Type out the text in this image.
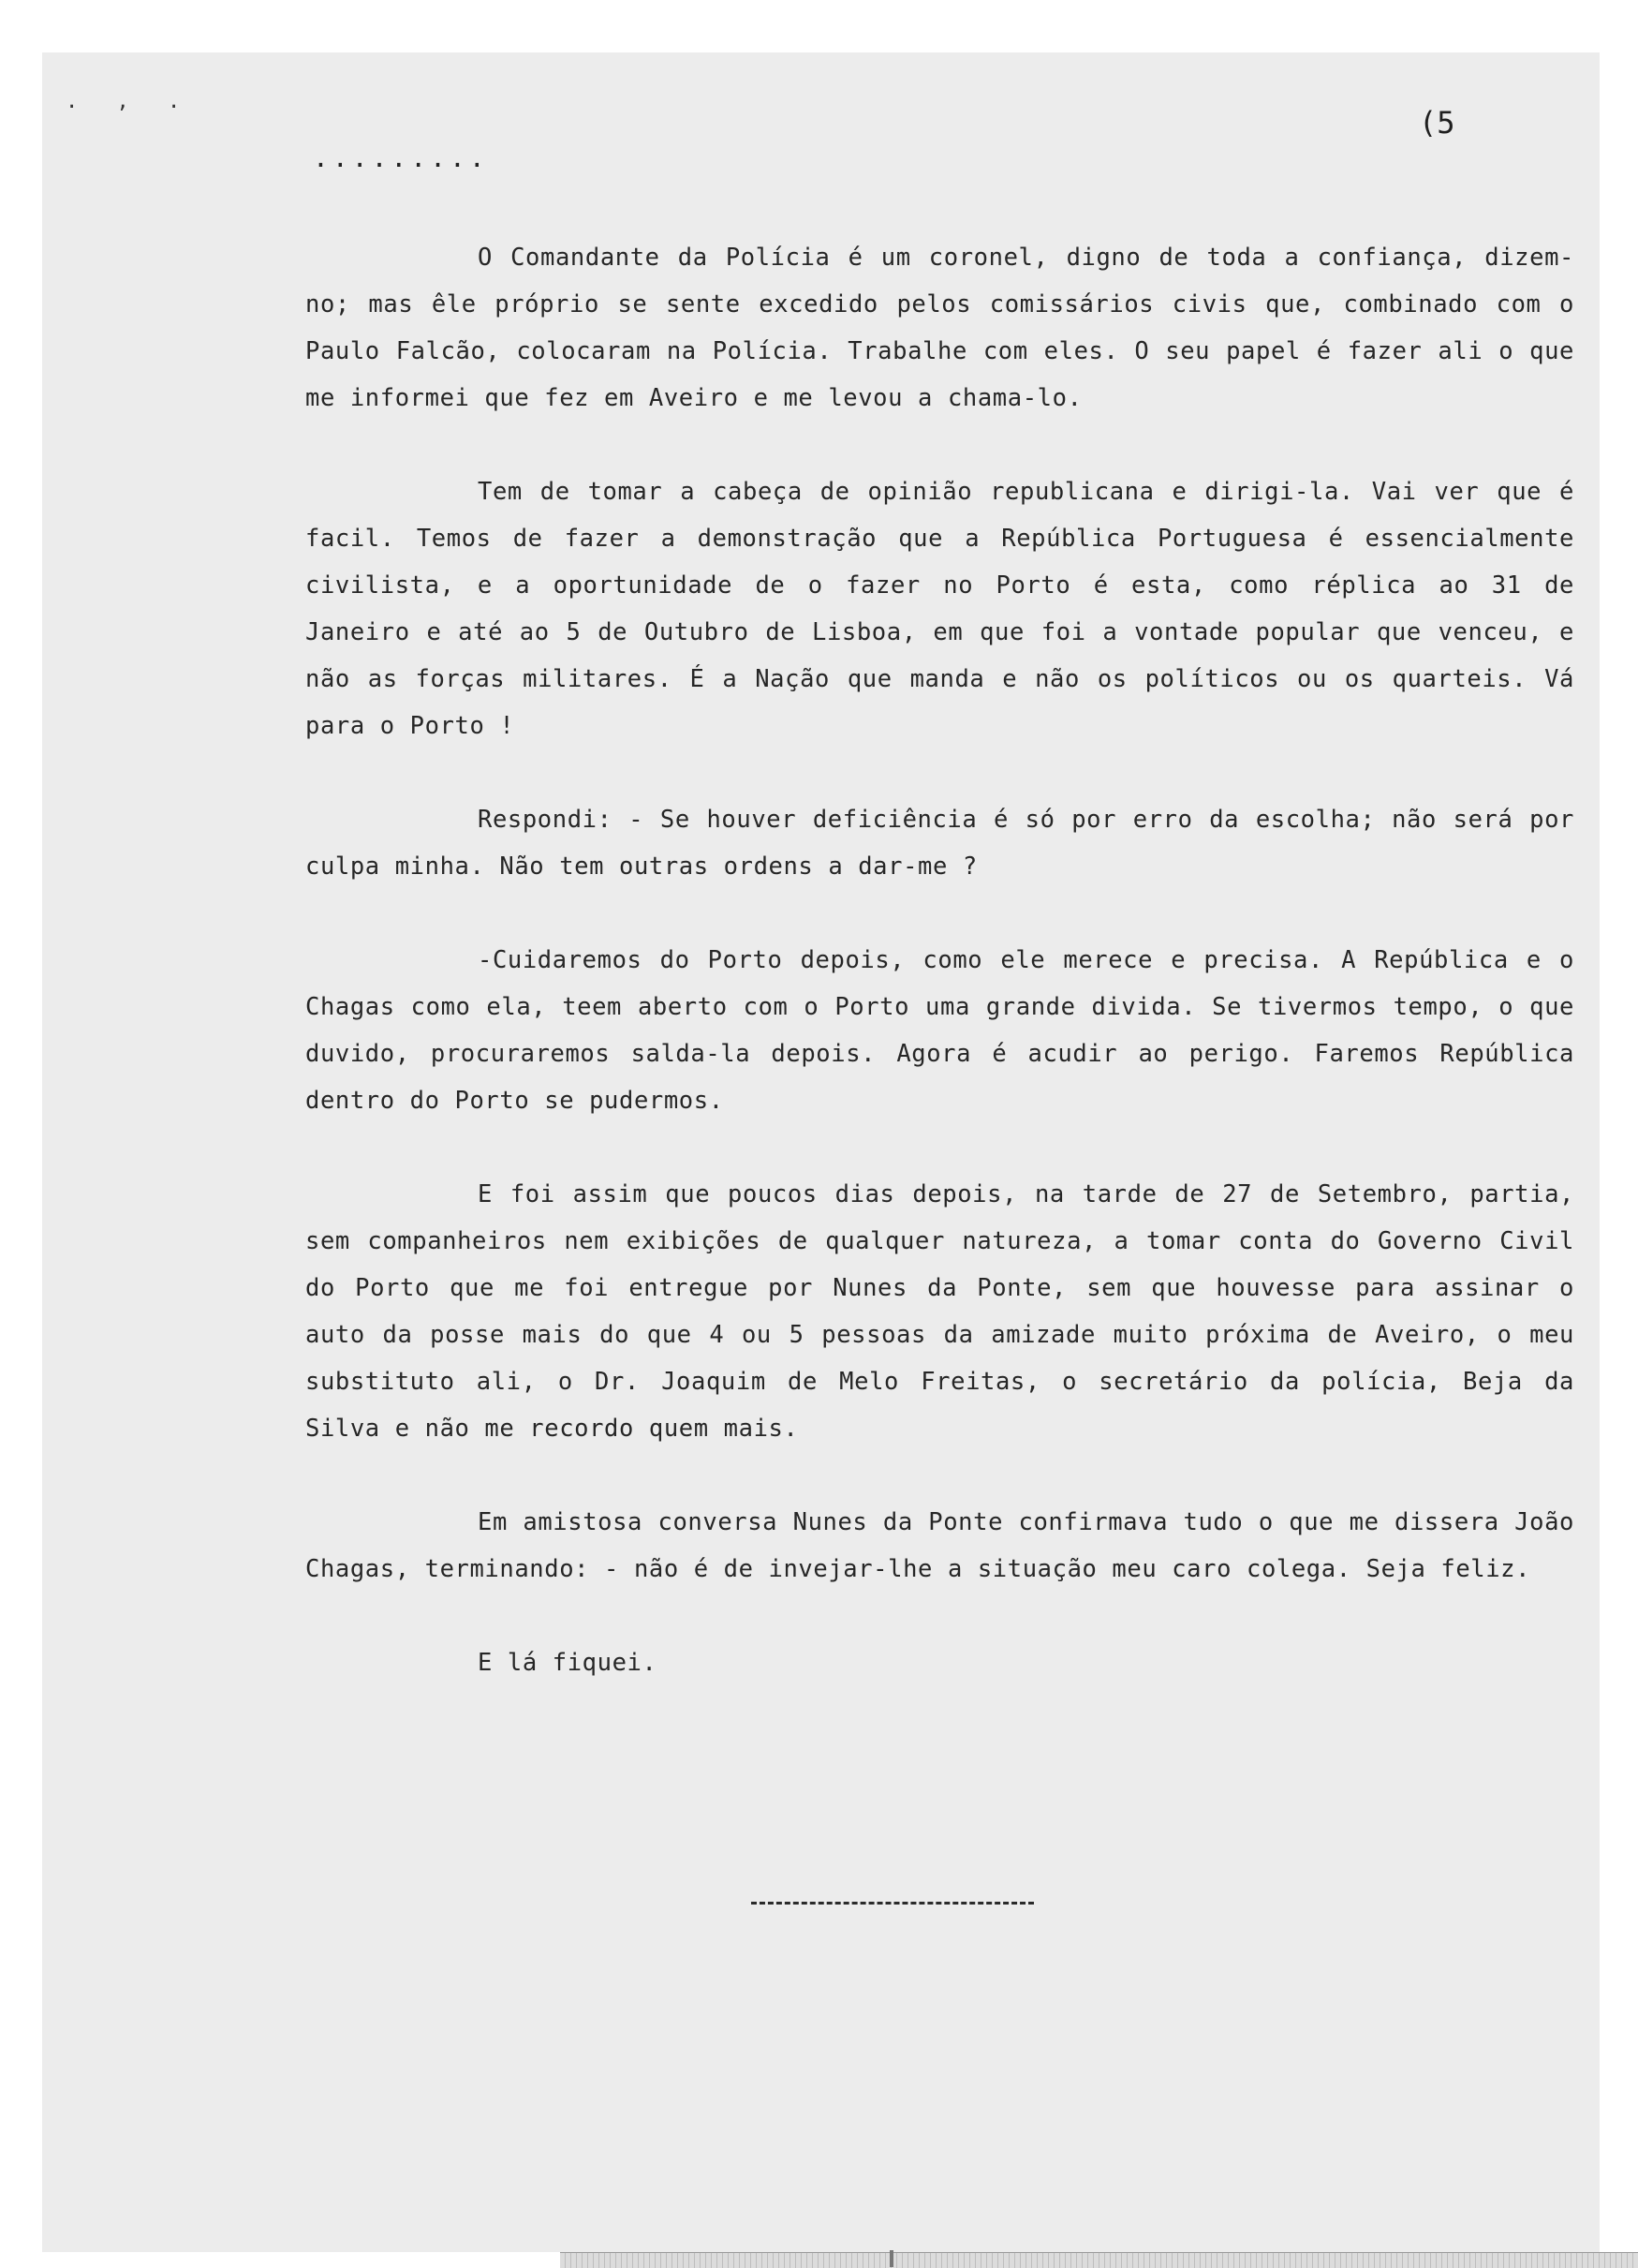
. , .
(5
.........

O Comandante da Polícia é um coronel, digno de toda a confiança, dizem-no; mas êle próprio se sente excedido pelos comissários civis que, combinado com o Paulo Falcão, colocaram na Polícia. Trabalhe com eles. O seu papel é fazer ali o que me informei que fez em Aveiro e me levou a chama-lo.

Tem de tomar a cabeça de opinião republicana e dirigi-la. Vai ver que é facil. Temos de fazer a demonstração que a República Portuguesa é essencialmente civilista, e a oportunidade de o fazer no Porto é esta, como réplica ao 31 de Janeiro e até ao 5 de Outubro de Lisboa, em que foi a vontade popular que venceu, e não as forças militares. É a Nação que manda e não os políticos ou os quarteis. Vá para o Porto !

Respondi: - Se houver deficiência é só por erro da escolha; não será por culpa minha. Não tem outras ordens a dar-me ?

-Cuidaremos do Porto depois, como ele merece e precisa. A República e o Chagas como ela, teem aberto com o Porto uma grande divida. Se tivermos tempo, o que duvido, procuraremos salda-la depois. Agora é acudir ao perigo. Faremos República dentro do Porto se pudermos.

E foi assim que poucos dias depois, na tarde de 27 de Setembro, partia, sem companheiros nem exibições de qualquer natureza, a tomar conta do Governo Civil do Porto que me foi entregue por Nunes da Ponte, sem que houvesse para assinar o auto da posse mais do que 4 ou 5 pessoas da amizade muito próxima de Aveiro, o meu substituto ali, o Dr. Joaquim de Melo Freitas, o secretário da polícia, Beja da Silva e não me recordo quem mais.

Em amistosa conversa Nunes da Ponte confirmava tudo o que me dissera João Chagas, terminando: - não é de invejar-lhe a situação meu caro colega. Seja feliz.

E lá fiquei.
